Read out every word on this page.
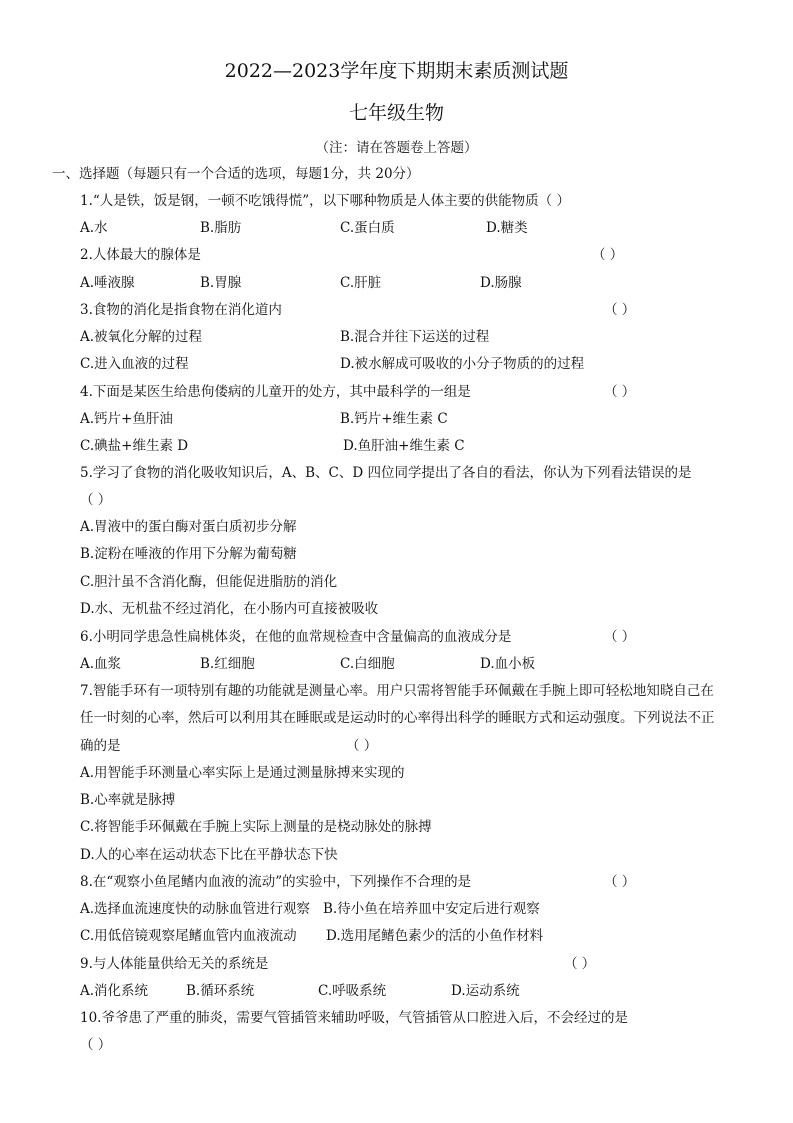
2022—2023学年度下期期末素质测试题
七年级生物
（注：请在答题卷上答题）
一、选择题（每题只有一个合适的选项，每题1分，共 20分）
1.“人是铁，饭是钢，一顿不吃饿得慌”，以下哪种物质是人体主要的供能物质（ ）
A.水	B.脂肪	C.蛋白质	D.糖类
2.人体最大的腺体是	（ ）
A.唾液腺	B.胃腺	C.肝脏	D.肠腺
3.食物的消化是指食物在消化道内	（ ）
A.被氧化分解的过程	B.混合并往下运送的过程
C.进入血液的过程	D.被水解成可吸收的小分子物质的的过程
4.下面是某医生给患佝偻病的儿童开的处方，其中最科学的一组是	（ ）
A.钙片+鱼肝油	B.钙片+维生素 C
C.碘盐+维生素 D	D.鱼肝油+维生素 C
5.学习了食物的消化吸收知识后，A、B、C、D 四位同学提出了各自的看法，你认为下列看法错误的是
（ ）
A.胃液中的蛋白酶对蛋白质初步分解
B.淀粉在唾液的作用下分解为葡萄糖
C.胆汁虽不含消化酶，但能促进脂肪的消化
D.水、无机盐不经过消化，在小肠内可直接被吸收
6.小明同学患急性扁桃体炎，在他的血常规检查中含量偏高的血液成分是	（ ）
A.血浆	B.红细胞	C.白细胞	D.血小板
7.智能手环有一项特别有趣的功能就是测量心率。用户只需将智能手环佩戴在手腕上即可轻松地知晓自己在
任一时刻的心率，然后可以利用其在睡眠或是运动时的心率得出科学的睡眠方式和运动强度。下列说法不正
确的是	（ ）
A.用智能手环测量心率实际上是通过测量脉搏来实现的
B.心率就是脉搏
C.将智能手环佩戴在手腕上实际上测量的是桡动脉处的脉搏
D.人的心率在运动状态下比在平静状态下快
8.在“观察小鱼尾鳍内血液的流动”的实验中，下列操作不合理的是	（ ）
A.选择血流速度快的动脉血管进行观察 B.待小鱼在培养皿中安定后进行观察
C.用低倍镜观察尾鳍血管内血液流动 D.选用尾鳍色素少的活的小鱼作材料
9.与人体能量供给无关的系统是	（ ）
A.消化系统	B.循环系统	C.呼吸系统	D.运动系统
10.爷爷患了严重的肺炎，需要气管插管来辅助呼吸，气管插管从口腔进入后，不会经过的是
（ ）
